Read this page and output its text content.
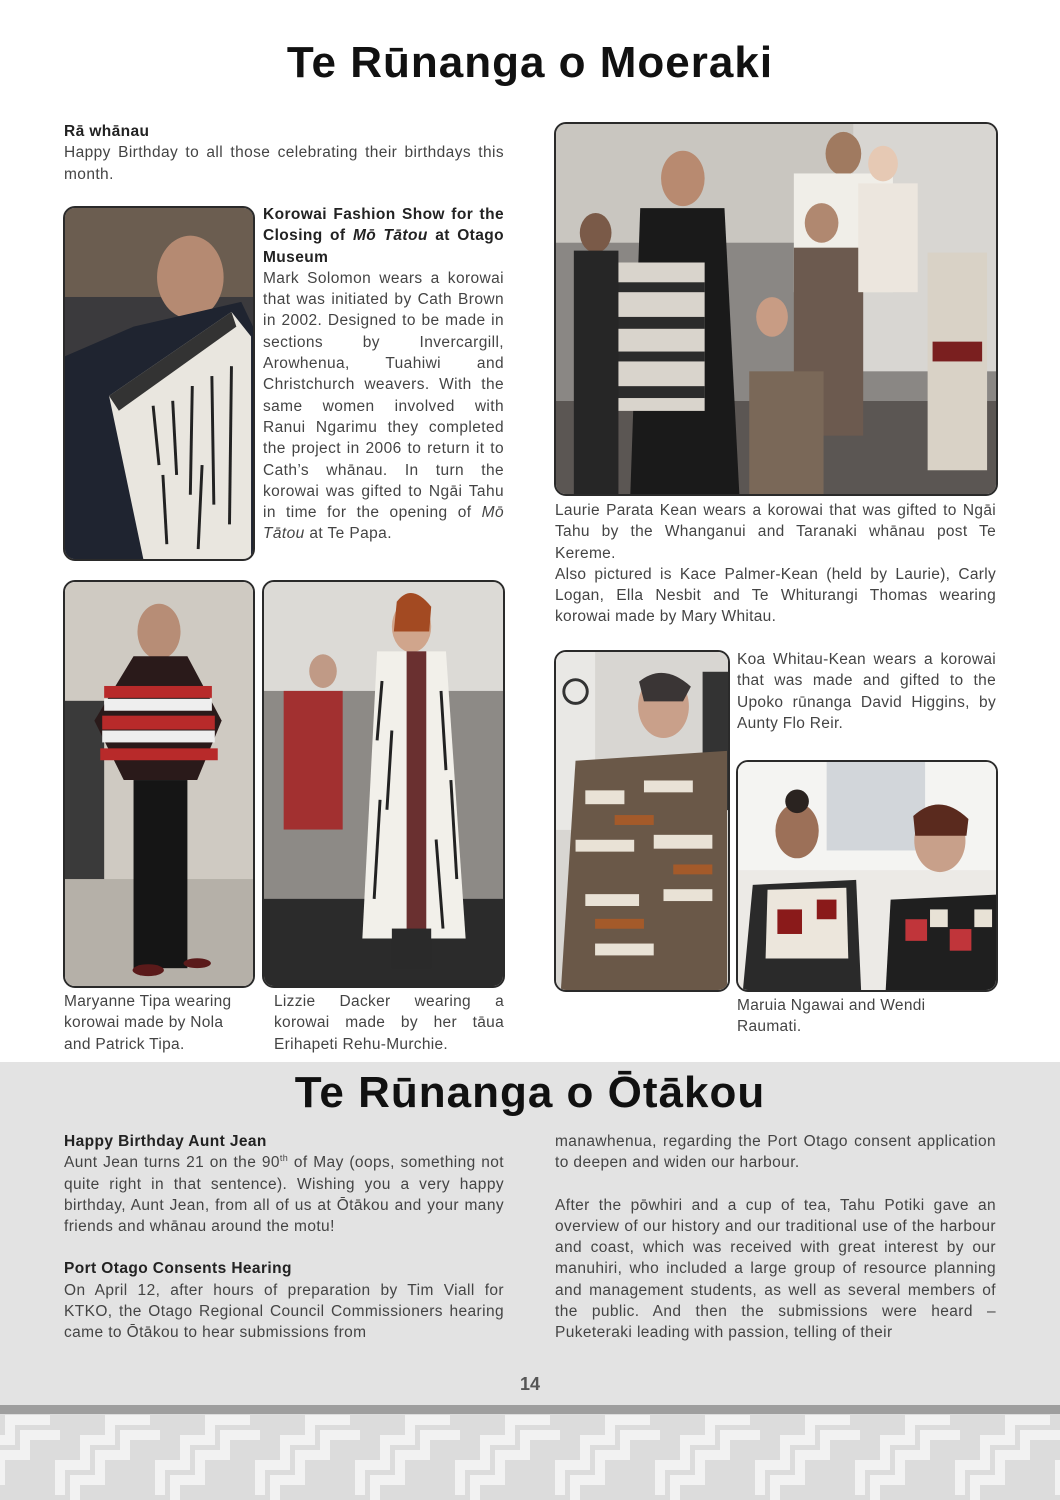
Te Rūnanga o Moeraki
Rā whānau
Happy Birthday to all those celebrating their birthdays this month.
Korowai Fashion Show for the Closing of Mō Tātou at Otago Museum
Mark Solomon wears a korowai that was initiated by Cath Brown in 2002. Designed to be made in sections by Invercargill, Arowhenua, Tuahiwi and Christchurch weavers. With the same women involved with Ranui Ngarimu they completed the project in 2006 to return it to Cath’s whānau. In turn the korowai was gifted to Ngāi Tahu in time for the opening of Mō Tātou at Te Papa.
Laurie Parata Kean wears a korowai that was gifted to Ngāi Tahu by the Whanganui and Taranaki whānau post Te Kereme.
Also pictured is Kace Palmer-Kean (held by Laurie), Carly Logan, Ella Nesbit and Te Whiturangi Thomas wearing korowai made by Mary Whitau.
Maryanne Tipa wearing korowai made by Nola and Patrick Tipa.
Lizzie Dacker wearing a korowai made by her tāua Erihapeti Rehu-Murchie.
Koa Whitau-Kean wears a korowai that was made and gifted to the Upoko rūnanga David Higgins, by Aunty Flo Reir.
Maruia Ngawai and Wendi Raumati.
Te Rūnanga o Ōtākou
Happy Birthday Aunt Jean
Aunt Jean turns 21 on the 90th of May (oops, something not quite right in that sentence). Wishing you a very happy birthday, Aunt Jean, from all of us at Ōtākou and your many friends and whānau around the motu!
Port Otago Consents Hearing
On April 12, after hours of preparation by Tim Viall for KTKO, the Otago Regional Council Commissioners hearing came to Ōtākou to hear submissions from
manawhenua, regarding the Port Otago consent application to deepen and widen our harbour.
After the pōwhiri and a cup of tea, Tahu Potiki gave an overview of our history and our traditional use of the harbour and coast, which was received with great interest by our manuhiri, who included a large group of resource planning and management students, as well as several members of the public. And then the submissions were heard – Puketeraki leading with passion, telling of their
14
